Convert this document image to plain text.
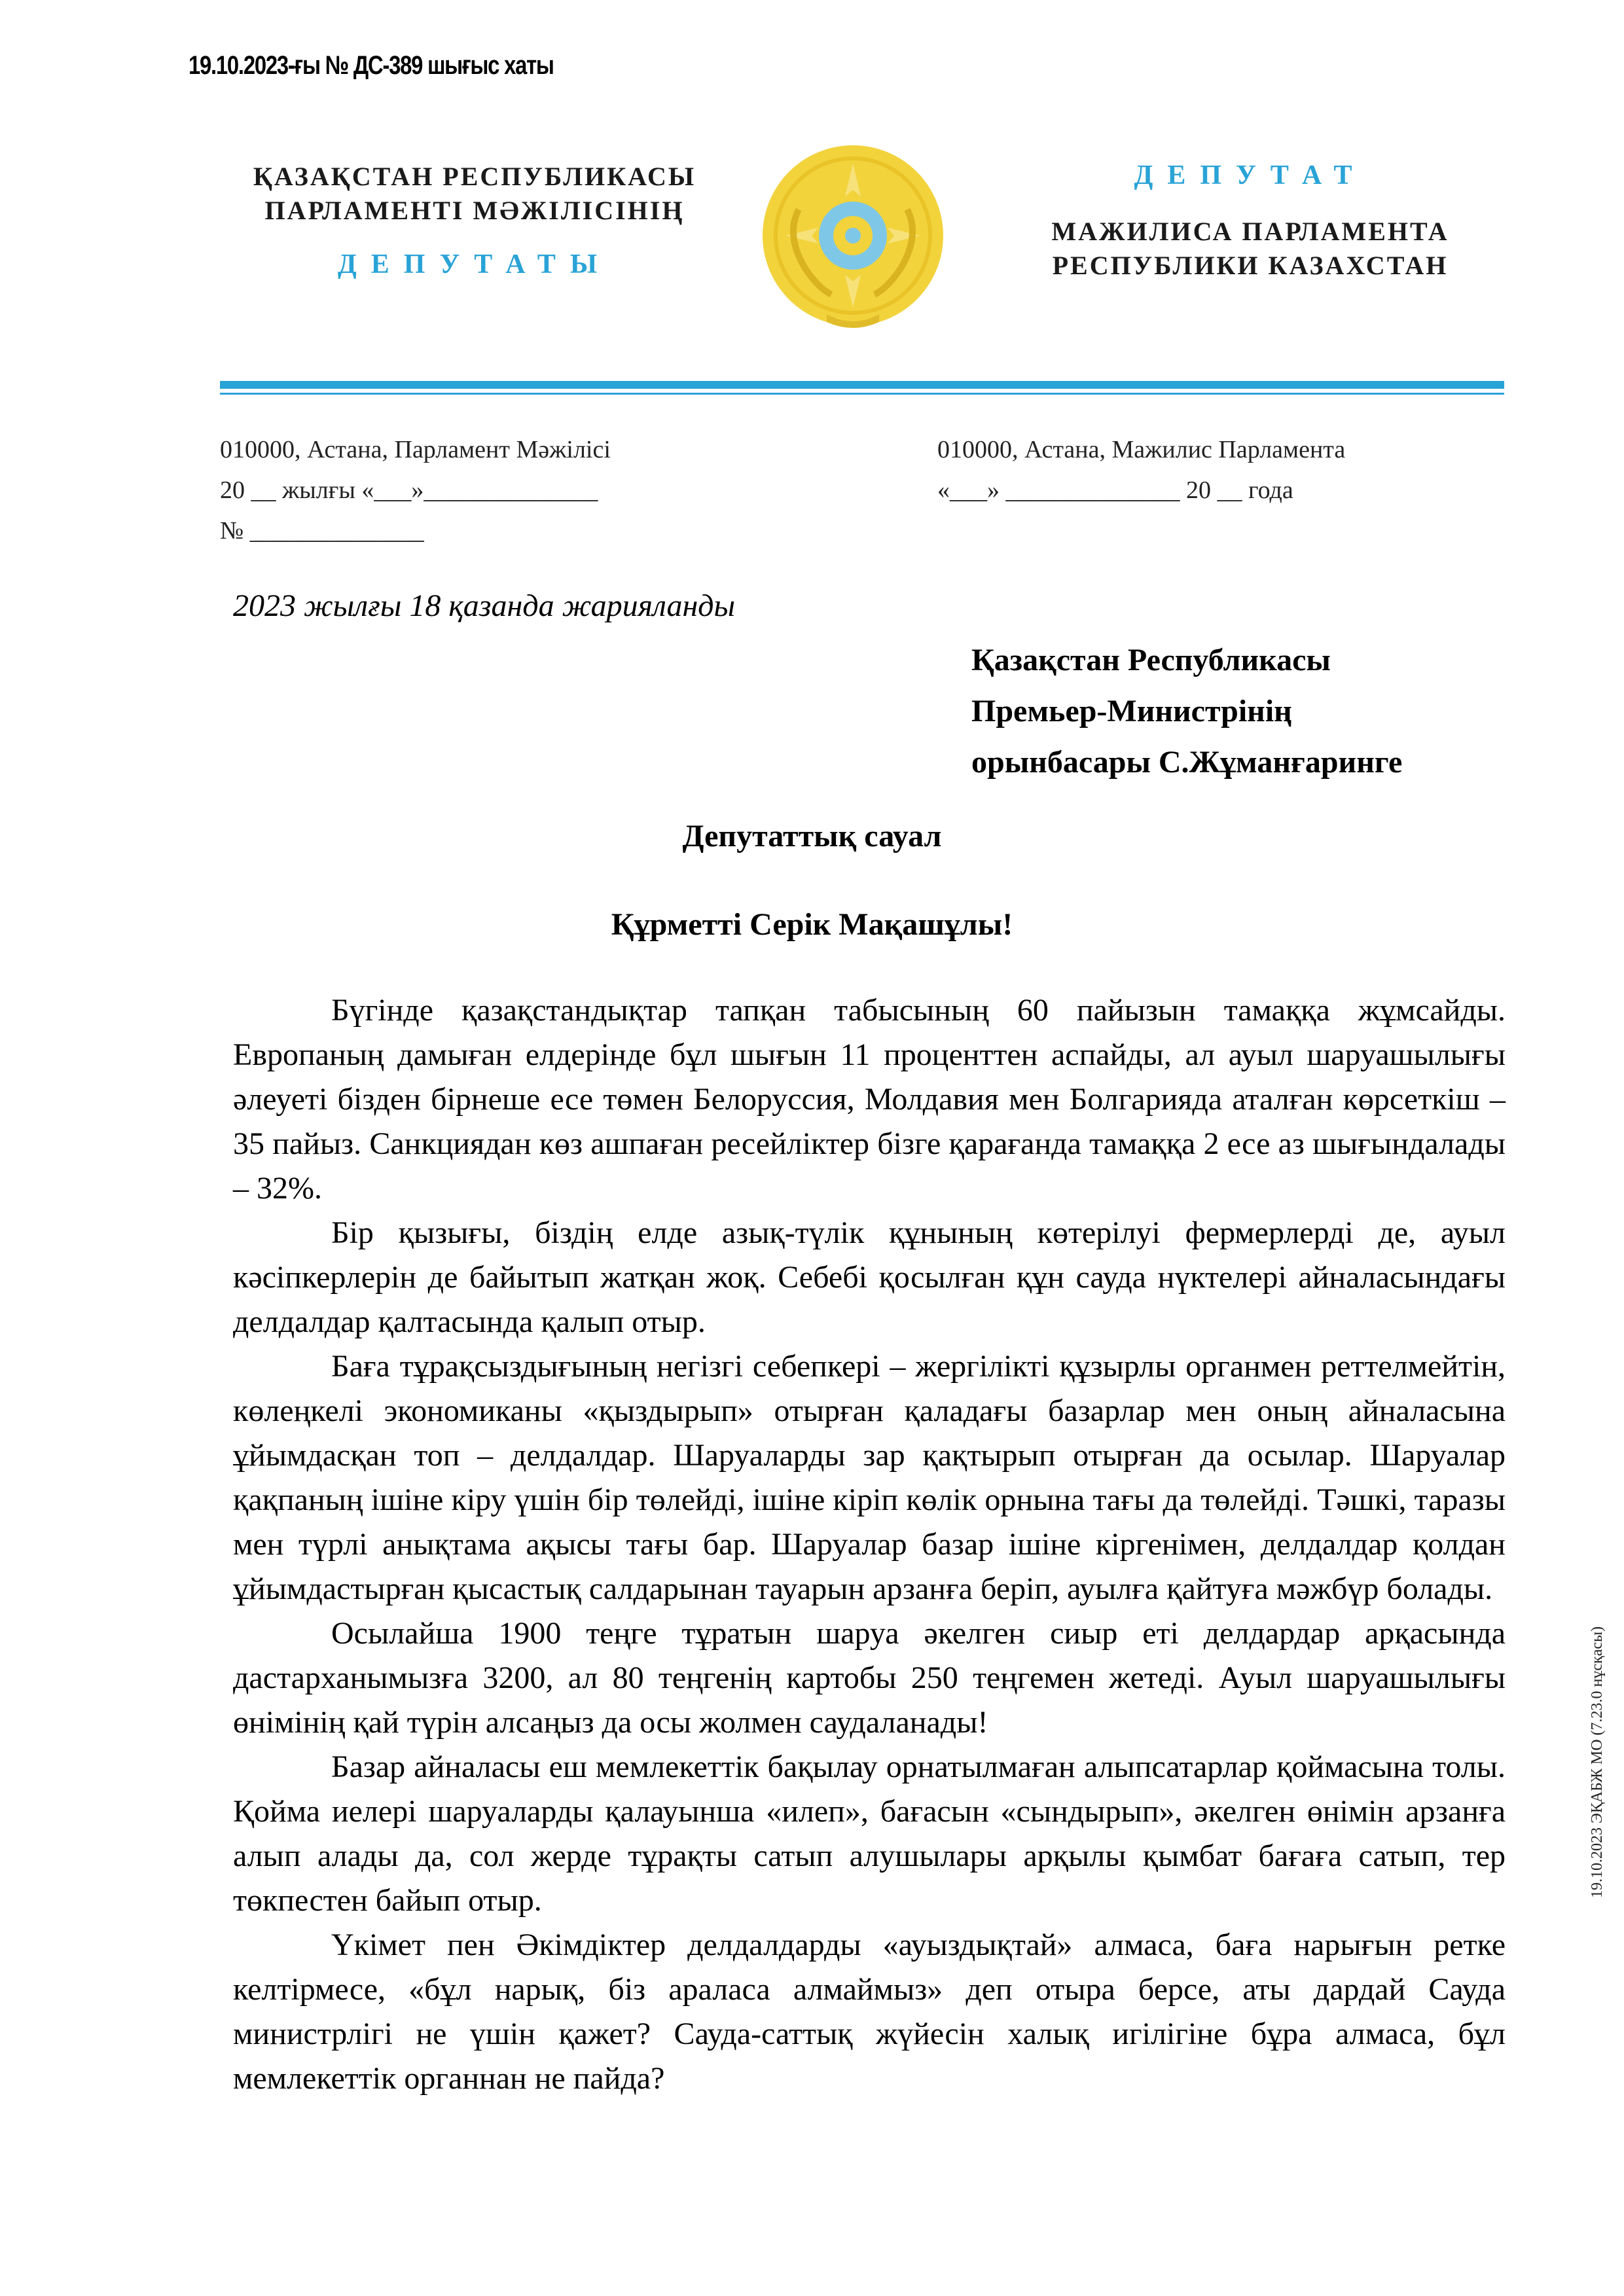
19.10.2023-ғы № ДС-389 шығыс хаты
ҚАЗАҚСТАН РЕСПУБЛИКАСЫ
ПАРЛАМЕНТІ МӘЖІЛІСІНІҢ
ДЕПУТАТЫ
ДЕПУТАТ
МАЖИЛИСА ПАРЛАМЕНТА
РЕСПУБЛИКИ КАЗАХСТАН
010000, Астана, Парламент Мәжілісі
20 __ жылғы «___»______________
№ ______________
010000, Астана, Мажилис Парламента
«___» ______________ 20 __ года
2023 жылғы 18 қазанда жарияланды
Қазақстан Республикасы
Премьер-Министрінің
орынбасары С.Жұманғаринге
Депутаттық сауал
Құрметті Серік Мақашұлы!

Бүгінде қазақстандықтар тапқан табысының 60 пайызын тамаққа жұмсайды. Европаның дамыған елдерінде бұл шығын 11 проценттен аспайды, ал ауыл шаруашылығы әлеуеті бізден бірнеше есе төмен Белоруссия, Молдавия мен Болгарияда аталған көрсеткіш – 35 пайыз. Санкциядан көз ашпаған ресейліктер бізге қарағанда тамаққа 2 есе аз шығындалады – 32%.

Бір қызығы, біздің елде азық-түлік құнының көтерілуі фермерлерді де, ауыл кәсіпкерлерін де байытып жатқан жоқ. Себебі қосылған құн сауда нүктелері айналасындағы делдалдар қалтасында қалып отыр.

Баға тұрақсыздығының негізгі себепкері – жергілікті құзырлы органмен реттелмейтін, көлеңкелі экономиканы «қыздырып» отырған қаладағы базарлар мен оның айналасына ұйымдасқан топ – делдалдар. Шаруаларды зар қақтырып отырған да осылар. Шаруалар қақпаның ішіне кіру үшін бір төлейді, ішіне кіріп көлік орнына тағы да төлейді. Тәшкі, таразы мен түрлі анықтама ақысы тағы бар. Шаруалар базар ішіне кіргенімен, делдалдар қолдан ұйымдастырған қысастық салдарынан тауарын арзанға беріп, ауылға қайтуға мәжбүр болады.

Осылайша 1900 теңге тұратын шаруа әкелген сиыр еті делдардар арқасында дастарханымызға 3200, ал 80 теңгенің картобы 250 теңгемен жетеді. Ауыл шаруашылығы өнімінің қай түрін алсаңыз да осы жолмен саудаланады!

Базар айналасы еш мемлекеттік бақылау орнатылмаған алыпсатарлар қоймасына толы. Қойма иелері шаруаларды қалауынша «илеп», бағасын «сындырып», әкелген өнімін арзанға алып алады да, сол жерде тұрақты сатып алушылары арқылы қымбат бағаға сатып, тер төкпестен байып отыр.

Үкімет пен Әкімдіктер делдалдарды «ауыздықтай» алмаса, баға нарығын ретке келтірмесе, «бұл нарық, біз араласа алмаймыз» деп отыра берсе, аты дардай Сауда министрлігі не үшін қажет? Сауда-саттық жүйесін халық игілігіне бұра алмаса, бұл мемлекеттік органнан не пайда?

19.10.2023 ЭҚАБЖ МО (7.23.0 нұсқасы)
